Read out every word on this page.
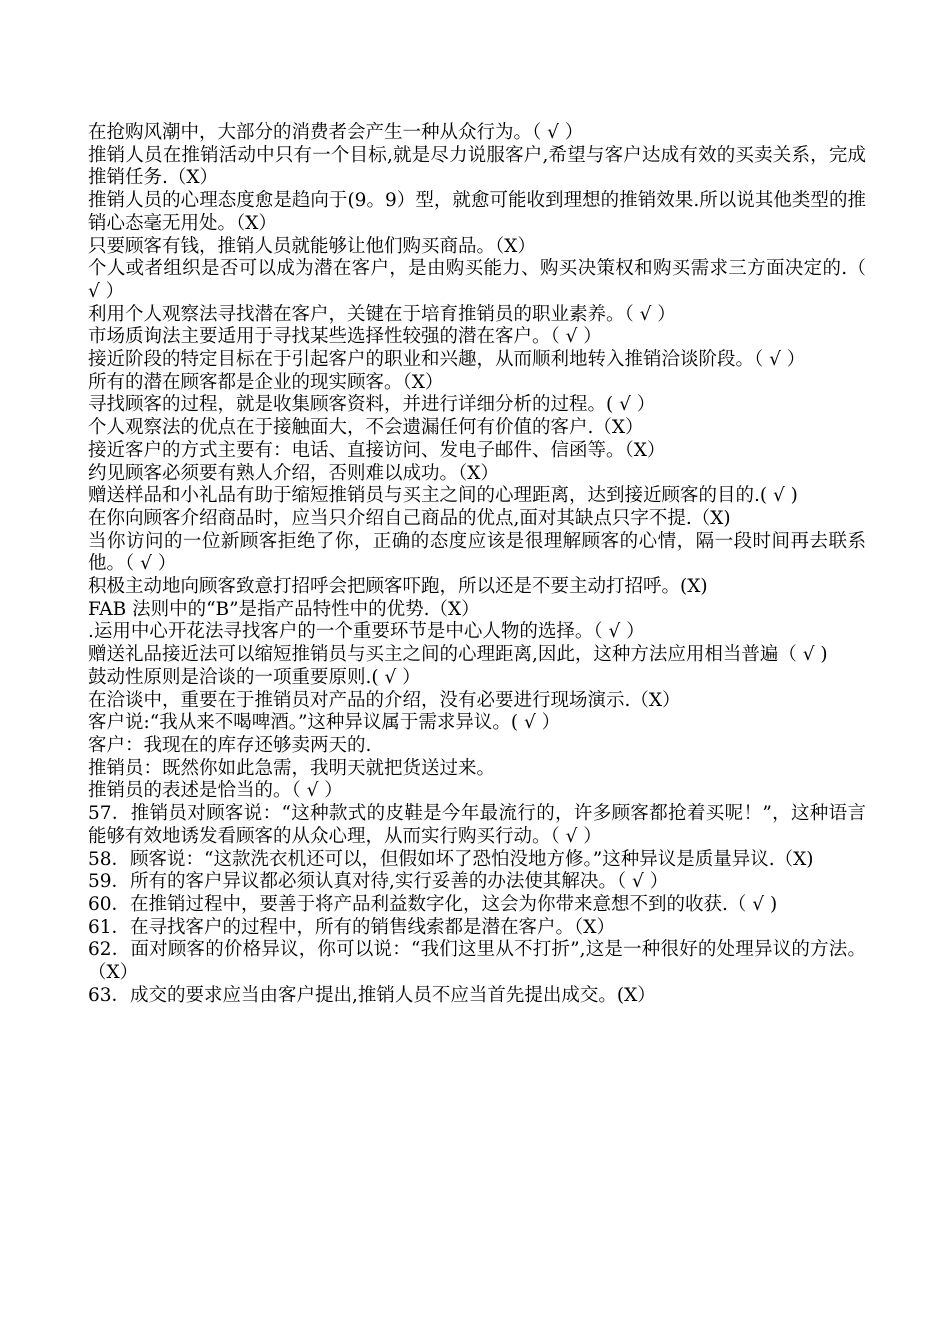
在抢购风潮中，大部分的消费者会产生一种从众行为。（ √ ）

推销人员在推销活动中只有一个目标,就是尽力说服客户,希望与客户达成有效的买卖关系，完成推销任务.（X）

推销人员的心理态度愈是趋向于(9。9）型，就愈可能收到理想的推销效果.所以说其他类型的推销心态毫无用处。（X）

只要顾客有钱，推销人员就能够让他们购买商品。（X）

个人或者组织是否可以成为潜在客户，是由购买能力、购买决策权和购买需求三方面决定的.（ √ ）

利用个人观察法寻找潜在客户，关键在于培育推销员的职业素养。（ √ ）

市场质询法主要适用于寻找某些选择性较强的潜在客户。（ √ ）

接近阶段的特定目标在于引起客户的职业和兴趣，从而顺利地转入推销洽谈阶段。（ √ ）

所有的潜在顾客都是企业的现实顾客。（X）

寻找顾客的过程，就是收集顾客资料，并进行详细分析的过程。( √ ）

个人观察法的优点在于接触面大，不会遗漏任何有价值的客户.（X）

接近客户的方式主要有：电话、直接访问、发电子邮件、信函等。（X）

约见顾客必须要有熟人介绍，否则难以成功。（X）

赠送样品和小礼品有助于缩短推销员与买主之间的心理距离，达到接近顾客的目的.( √ )

在你向顾客介绍商品时，应当只介绍自己商品的优点,面对其缺点只字不提.（X)

当你访问的一位新顾客拒绝了你，正确的态度应该是很理解顾客的心情，隔一段时间再去联系他。（ √ ）

积极主动地向顾客致意打招呼会把顾客吓跑，所以还是不要主动打招呼。(X)

FAB 法则中的“B”是指产品特性中的优势.（X）

.运用中心开花法寻找客户的一个重要环节是中心人物的选择。（ √ ）

赠送礼品接近法可以缩短推销员与买主之间的心理距离,因此，这种方法应用相当普遍（ √ )

鼓动性原则是洽谈的一项重要原则.( √ ）

在洽谈中，重要在于推销员对产品的介绍，没有必要进行现场演示.（X）

客户说:“我从来不喝啤酒。”这种异议属于需求异议。( √ ）

客户：我现在的库存还够卖两天的.

推销员：既然你如此急需，我明天就把货送过来。

推销员的表述是恰当的。（ √ ）

57．推销员对顾客说：“这种款式的皮鞋是今年最流行的，许多顾客都抢着买呢！”，这种语言能够有效地诱发看顾客的从众心理，从而实行购买行动。（ √ ）

58．顾客说：“这款洗衣机还可以，但假如坏了恐怕没地方修。”这种异议是质量异议.（X)

59．所有的客户异议都必须认真对待,实行妥善的办法使其解决。（ √ ）

60．在推销过程中，要善于将产品利益数字化，这会为你带来意想不到的收获.（ √ )

61．在寻找客户的过程中，所有的销售线索都是潜在客户。（X）

62．面对顾客的价格异议，你可以说：“我们这里从不打折”,这是一种很好的处理异议的方法。（X）

63．成交的要求应当由客户提出,推销人员不应当首先提出成交。(X）
